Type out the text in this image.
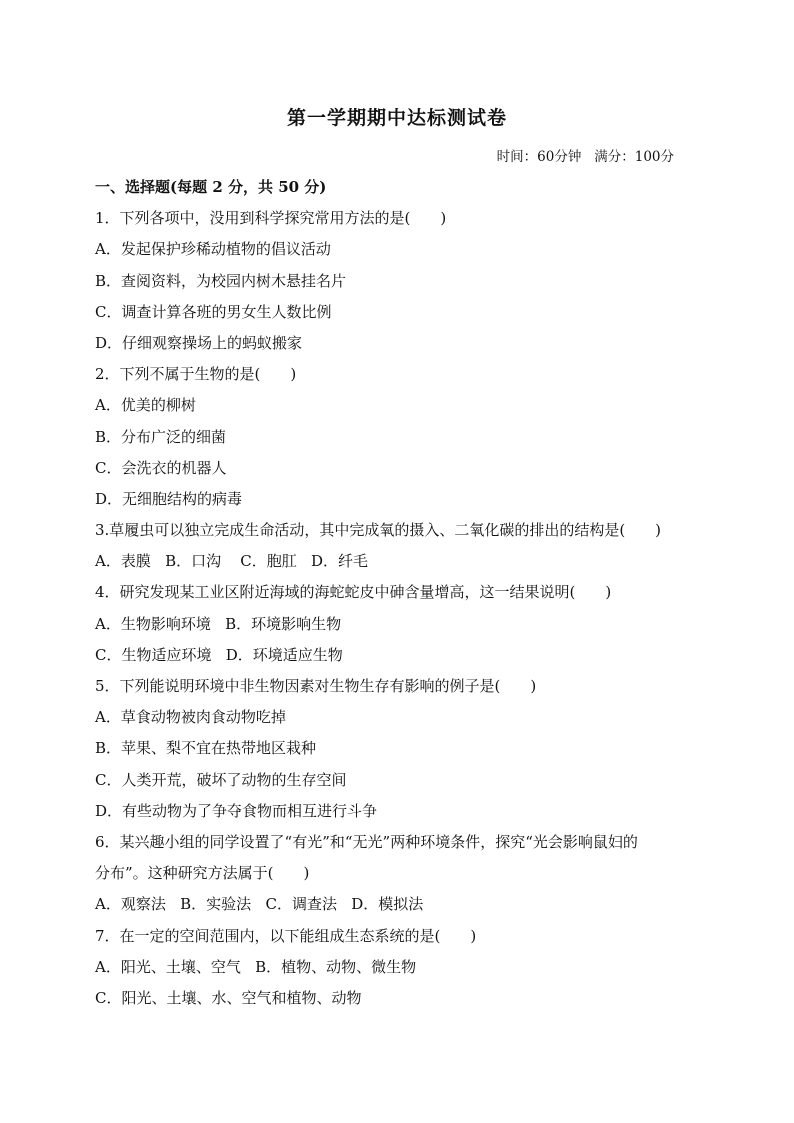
第一学期期中达标测试卷
时间：60分钟   满分：100分
一、选择题(每题 2 分，共 50 分)
1．下列各项中，没用到科学探究常用方法的是(　　)
A．发起保护珍稀动植物的倡议活动
B．查阅资料，为校园内树木悬挂名片
C．调查计算各班的男女生人数比例
D．仔细观察操场上的蚂蚁搬家
2．下列不属于生物的是(　　)
A．优美的柳树
B．分布广泛的细菌
C．会洗衣的机器人
D．无细胞结构的病毒
3.草履虫可以独立完成生命活动，其中完成氧的摄入、二氧化碳的排出的结构是(　　)
A．表膜   B．口沟    C．胞肛   D．纤毛
4．研究发现某工业区附近海域的海蛇蛇皮中砷含量增高，这一结果说明(　　)
A．生物影响环境   B．环境影响生物
C．生物适应环境   D．环境适应生物
5．下列能说明环境中非生物因素对生物生存有影响的例子是(　　)
A．草食动物被肉食动物吃掉
B．苹果、梨不宜在热带地区栽种
C．人类开荒，破坏了动物的生存空间
D．有些动物为了争夺食物而相互进行斗争
6．某兴趣小组的同学设置了“有光”和“无光”两种环境条件，探究“光会影响鼠妇的
分布”。这种研究方法属于(　　)
A．观察法   B．实验法   C．调查法   D．模拟法
7．在一定的空间范围内，以下能组成生态系统的是(　　)
A．阳光、土壤、空气   B．植物、动物、微生物
C．阳光、土壤、水、空气和植物、动物
